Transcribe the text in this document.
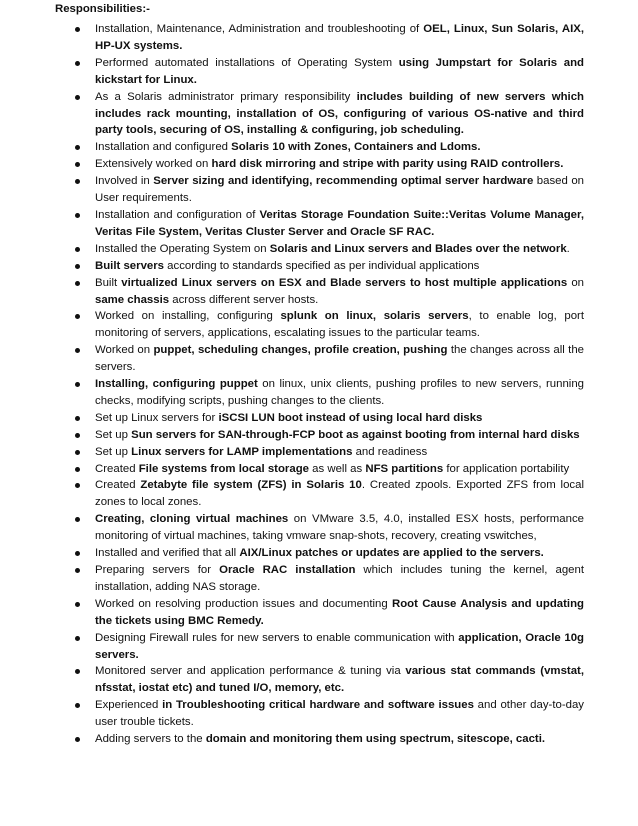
Responsibilities:-
Installation, Maintenance, Administration and troubleshooting of OEL, Linux, Sun Solaris, AIX, HP-UX systems.
Performed automated installations of Operating System using Jumpstart for Solaris and kickstart for Linux.
As a Solaris administrator primary responsibility includes building of new servers which includes rack mounting, installation of OS, configuring of various OS-native and third party tools, securing of OS, installing & configuring, job scheduling.
Installation and configured Solaris 10 with Zones, Containers and Ldoms.
Extensively worked on hard disk mirroring and stripe with parity using RAID controllers.
Involved in Server sizing and identifying, recommending optimal server hardware based on User requirements.
Installation and configuration of Veritas Storage Foundation Suite::Veritas Volume Manager, Veritas File System, Veritas Cluster Server and Oracle SF RAC.
Installed the Operating System on Solaris and Linux servers and Blades over the network.
Built servers according to standards specified as per individual applications
Built virtualized Linux servers on ESX and Blade servers to host multiple applications on same chassis across different server hosts.
Worked on installing, configuring splunk on linux, solaris servers, to enable log, port monitoring of servers, applications, escalating issues to the particular teams.
Worked on puppet, scheduling changes, profile creation, pushing the changes across all the servers.
Installing, configuring puppet on linux, unix clients, pushing profiles to new servers, running checks, modifying scripts, pushing changes to the clients.
Set up Linux servers for iSCSI LUN boot instead of using local hard disks
Set up Sun servers for SAN-through-FCP boot as against booting from internal hard disks
Set up Linux servers for LAMP implementations and readiness
Created File systems from local storage as well as NFS partitions for application portability
Created Zetabyte file system (ZFS) in Solaris 10. Created zpools. Exported ZFS from local zones to local zones.
Creating, cloning virtual machines on VMware 3.5, 4.0, installed ESX hosts, performance monitoring of virtual machines, taking vmware snap-shots, recovery, creating vswitches,
Installed and verified that all AIX/Linux patches or updates are applied to the servers.
Preparing servers for Oracle RAC installation which includes tuning the kernel, agent installation, adding NAS storage.
Worked on resolving production issues and documenting Root Cause Analysis and updating the tickets using BMC Remedy.
Designing Firewall rules for new servers to enable communication with application, Oracle 10g servers.
Monitored server and application performance & tuning via various stat commands (vmstat, nfsstat, iostat etc) and tuned I/O, memory, etc.
Experienced in Troubleshooting critical hardware and software issues and other day-to-day user trouble tickets.
Adding servers to the domain and monitoring them using spectrum, sitescope, cacti.
